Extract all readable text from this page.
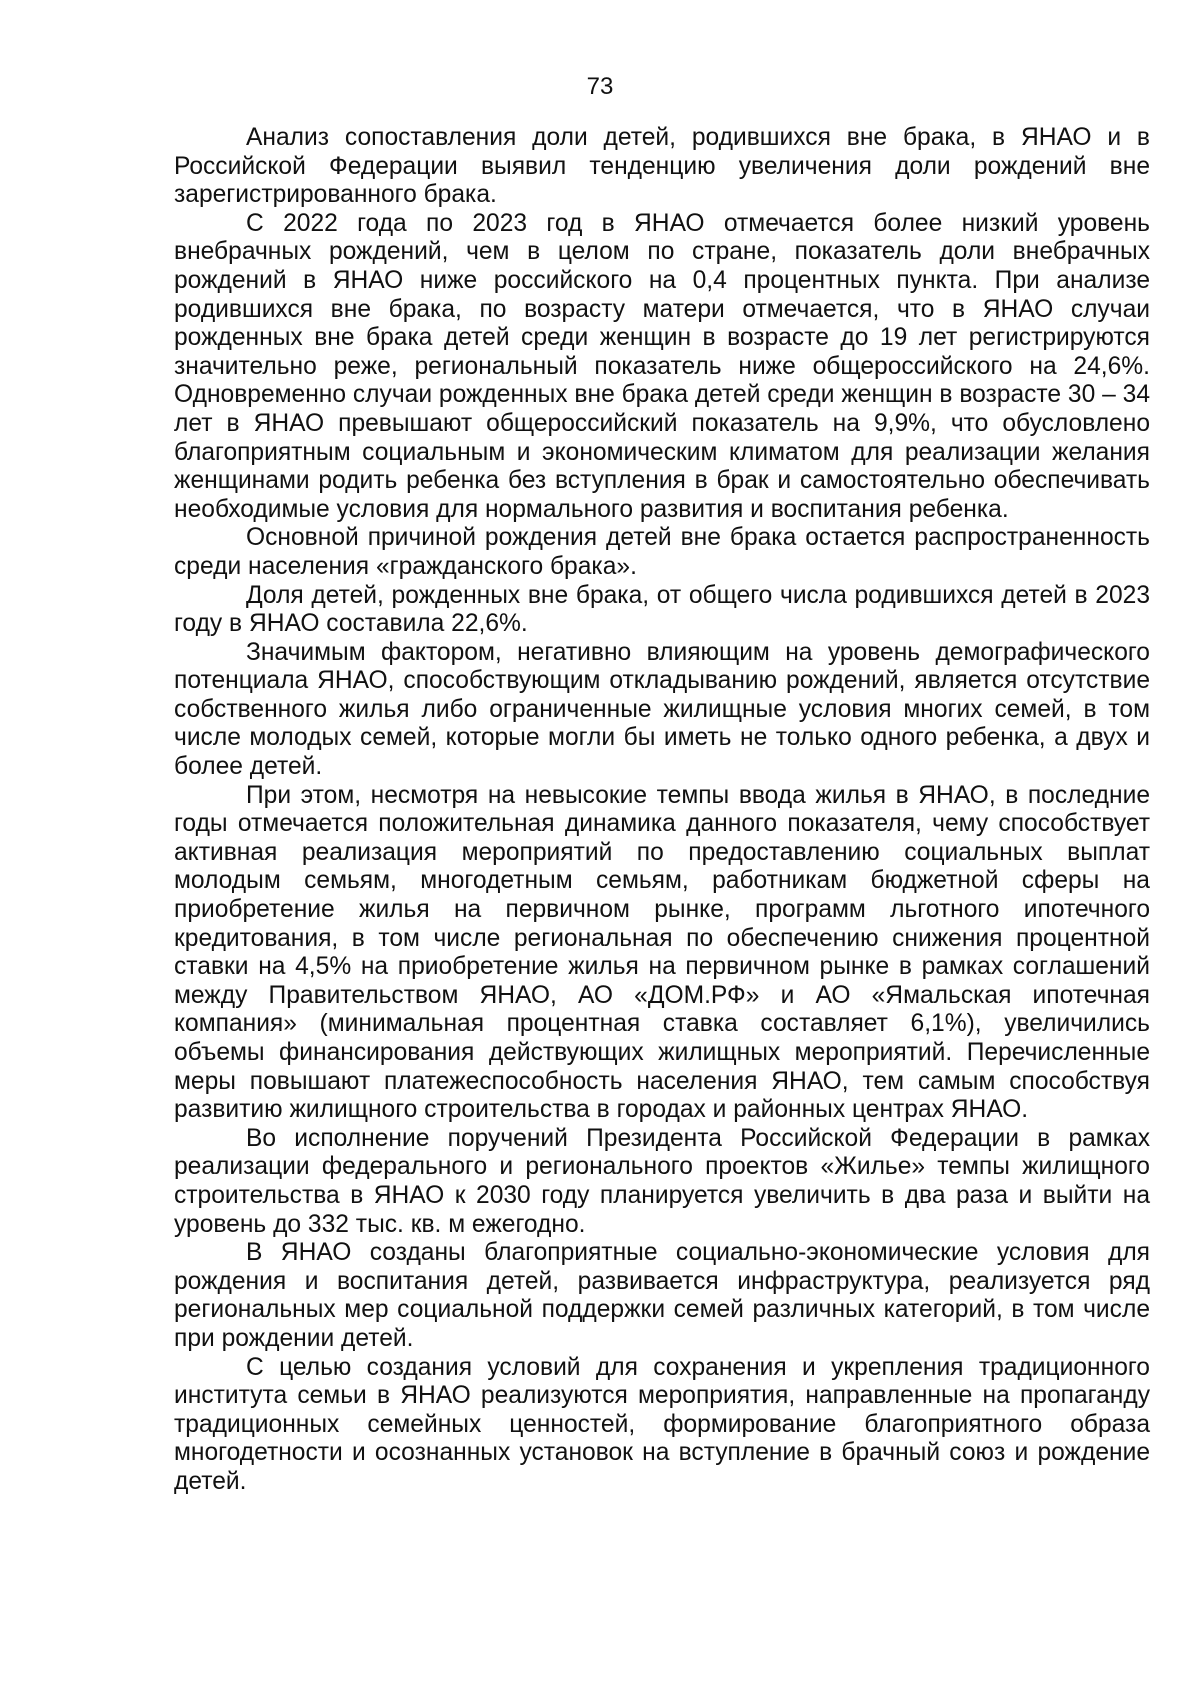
73

Анализ сопоставления доли детей, родившихся вне брака, в ЯНАО и в Российской Федерации выявил тенденцию увеличения доли рождений вне зарегистрированного брака.

С 2022 года по 2023 год в ЯНАО отмечается более низкий уровень внебрачных рождений, чем в целом по стране, показатель доли внебрачных рождений в ЯНАО ниже российского на 0,4 процентных пункта. При анализе родившихся вне брака, по возрасту матери отмечается, что в ЯНАО случаи рожденных вне брака детей среди женщин в возрасте до 19 лет регистрируются значительно реже, региональный показатель ниже общероссийского на 24,6%. Одновременно случаи рожденных вне брака детей среди женщин в возрасте 30 – 34 лет в ЯНАО превышают общероссийский показатель на 9,9%, что обусловлено благоприятным социальным и экономическим климатом для реализации желания женщинами родить ребенка без вступления в брак и самостоятельно обеспечивать необходимые условия для нормального развития и воспитания ребенка.

Основной причиной рождения детей вне брака остается распространенность среди населения «гражданского брака».

Доля детей, рожденных вне брака, от общего числа родившихся детей в 2023 году в ЯНАО составила 22,6%.

Значимым фактором, негативно влияющим на уровень демографического потенциала ЯНАО, способствующим откладыванию рождений, является отсутствие собственного жилья либо ограниченные жилищные условия многих семей, в том числе молодых семей, которые могли бы иметь не только одного ребенка, а двух и более детей.

При этом, несмотря на невысокие темпы ввода жилья в ЯНАО, в последние годы отмечается положительная динамика данного показателя, чему способствует активная реализация мероприятий по предоставлению социальных выплат молодым семьям, многодетным семьям, работникам бюджетной сферы на приобретение жилья на первичном рынке, программ льготного ипотечного кредитования, в том числе региональная по обеспечению снижения процентной ставки на 4,5% на приобретение жилья на первичном рынке в рамках соглашений между Правительством ЯНАО, АО «ДОМ.РФ» и АО «Ямальская ипотечная компания» (минимальная процентная ставка составляет 6,1%), увеличились объемы финансирования действующих жилищных мероприятий. Перечисленные меры повышают платежеспособность населения ЯНАО, тем самым способствуя развитию жилищного строительства в городах и районных центрах ЯНАО.

Во исполнение поручений Президента Российской Федерации в рамках реализации федерального и регионального проектов «Жилье» темпы жилищного строительства в ЯНАО к 2030 году планируется увеличить в два раза и выйти на уровень до 332 тыс. кв. м ежегодно.

В ЯНАО созданы благоприятные социально-экономические условия для рождения и воспитания детей, развивается инфраструктура, реализуется ряд региональных мер социальной поддержки семей различных категорий, в том числе при рождении детей.

С целью создания условий для сохранения и укрепления традиционного института семьи в ЯНАО реализуются мероприятия, направленные на пропаганду традиционных семейных ценностей, формирование благоприятного образа многодетности и осознанных установок на вступление в брачный союз и рождение детей.
